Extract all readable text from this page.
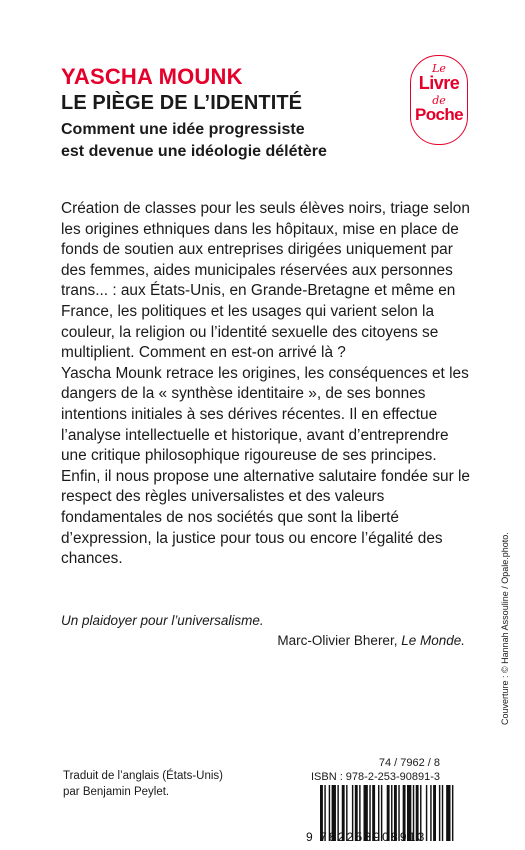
YASCHA MOUNK
LE PIÈGE DE L’IDENTITÉ
Comment une idée progressiste
est devenue une idéologie délétère
Le
Livre
de
Poche

Création de classes pour les seuls élèves noirs, triage selon les origines ethniques dans les hôpitaux, mise en place de fonds de soutien aux entreprises dirigées uniquement par des femmes, aides municipales réservées aux personnes trans... : aux États-Unis, en Grande-Bretagne et même en France, les politiques et les usages qui varient selon la couleur, la religion ou l’identité sexuelle des citoyens se multiplient. Comment en est-on arrivé là ?

Yascha Mounk retrace les origines, les conséquences et les dangers de la « synthèse identitaire », de ses bonnes intentions initiales à ses dérives récentes. Il en effectue l’analyse intellectuelle et historique, avant d’entreprendre une critique philosophique rigoureuse de ses principes. Enfin, il nous propose une alternative salutaire fondée sur le respect des règles universalistes et des valeurs fondamentales de nos sociétés que sont la liberté d’expression, la justice pour tous ou encore l’égalité des chances.

Un plaidoyer pour l’universalisme.
Marc-Olivier Bherer, Le Monde.
Traduit de l’anglais (États-Unis)
par Benjamin Peylet.
74 / 7962 / 8
ISBN : 978-2-253-90891-3
9 782253908913
Couverture : © Hannah Assouline / Opale.photo.
